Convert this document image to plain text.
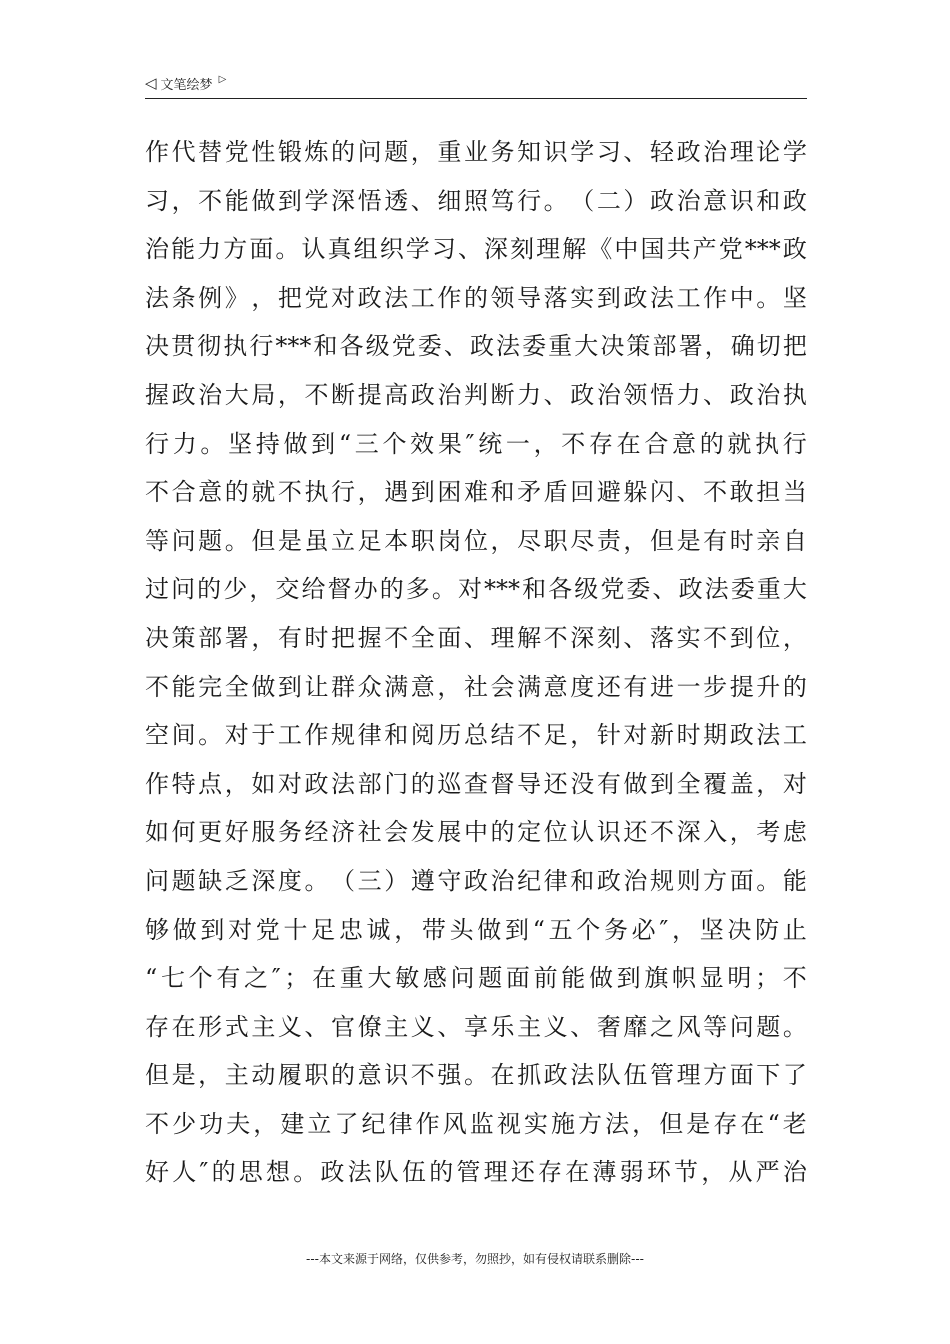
◁ 文笔绘梦 ▷
作 代 替 党 性 锻 炼 的 问 题 ， 重 业 务 知 识 学 习 、 轻 政 治 理 论 学
习 ， 不 能 做 到 学 深 悟 透 、 细 照 笃 行 。 （ 二 ） 政 治 意 识 和 政
治 能 力 方 面 。 认 真 组 织 学 习 、 深 刻 理 解 《 中 国 共 产 党 *** 政
法 条 例 》 ， 把 党 对 政 法 工 作 的 领 导 落 实 到 政 法 工 作 中 。 坚
决 贯 彻 执 行 *** 和 各 级 党 委 、 政 法 委 重 大 决 策 部 署 ， 确 切 把
握 政 治 大 局 ， 不 断 提 高 政 治 判 断 力 、 政 治 领 悟 力 、 政 治 执
行 力 。 坚 持 做 到 “ 三 个 效 果 ″ 统 一 ， 不 存 在 合 意 的 就 执 行
不 合 意 的 就 不 执 行 ， 遇 到 困 难 和 矛 盾 回 避 躲 闪 、 不 敢 担 当
等 问 题 。 但 是 虽 立 足 本 职 岗 位 ， 尽 职 尽 责 ， 但 是 有 时 亲 自
过 问 的 少 ， 交 给 督 办 的 多 。 对 *** 和 各 级 党 委 、 政 法 委 重 大
决 策 部 署 ， 有 时 把 握 不 全 面 、 理 解 不 深 刻 、 落 实 不 到 位 ，
不 能 完 全 做 到 让 群 众 满 意 ， 社 会 满 意 度 还 有 进 一 步 提 升 的
空 间 。 对 于 工 作 规 律 和 阅 历 总 结 不 足 ， 针 对 新 时 期 政 法 工
作 特 点 ， 如 对 政 法 部 门 的 巡 查 督 导 还 没 有 做 到 全 覆 盖 ， 对
如 何 更 好 服 务 经 济 社 会 发 展 中 的 定 位 认 识 还 不 深 入 ， 考 虑
问 题 缺 乏 深 度 。 （ 三 ） 遵 守 政 治 纪 律 和 政 治 规 则 方 面 。 能
够 做 到 对 党 十 足 忠 诚 ， 带 头 做 到 “ 五 个 务 必 ″ ， 坚 决 防 止
“ 七 个 有 之 ″ ； 在 重 大 敏 感 问 题 面 前 能 做 到 旗 帜 显 明 ； 不
存 在 形 式 主 义 、 官 僚 主 义 、 享 乐 主 义 、 奢 靡 之 风 等 问 题 。
但 是 ， 主 动 履 职 的 意 识 不 强 。 在 抓 政 法 队 伍 管 理 方 面 下 了
不 少 功 夫 ， 建 立 了 纪 律 作 风 监 视 实 施 方 法 ， 但 是 存 在 “ 老
好 人 ″ 的 思 想 。 政 法 队 伍 的 管 理 还 存 在 薄 弱 环 节 ， 从 严 治
---本文来源于网络，仅供参考，勿照抄，如有侵权请联系删除---
